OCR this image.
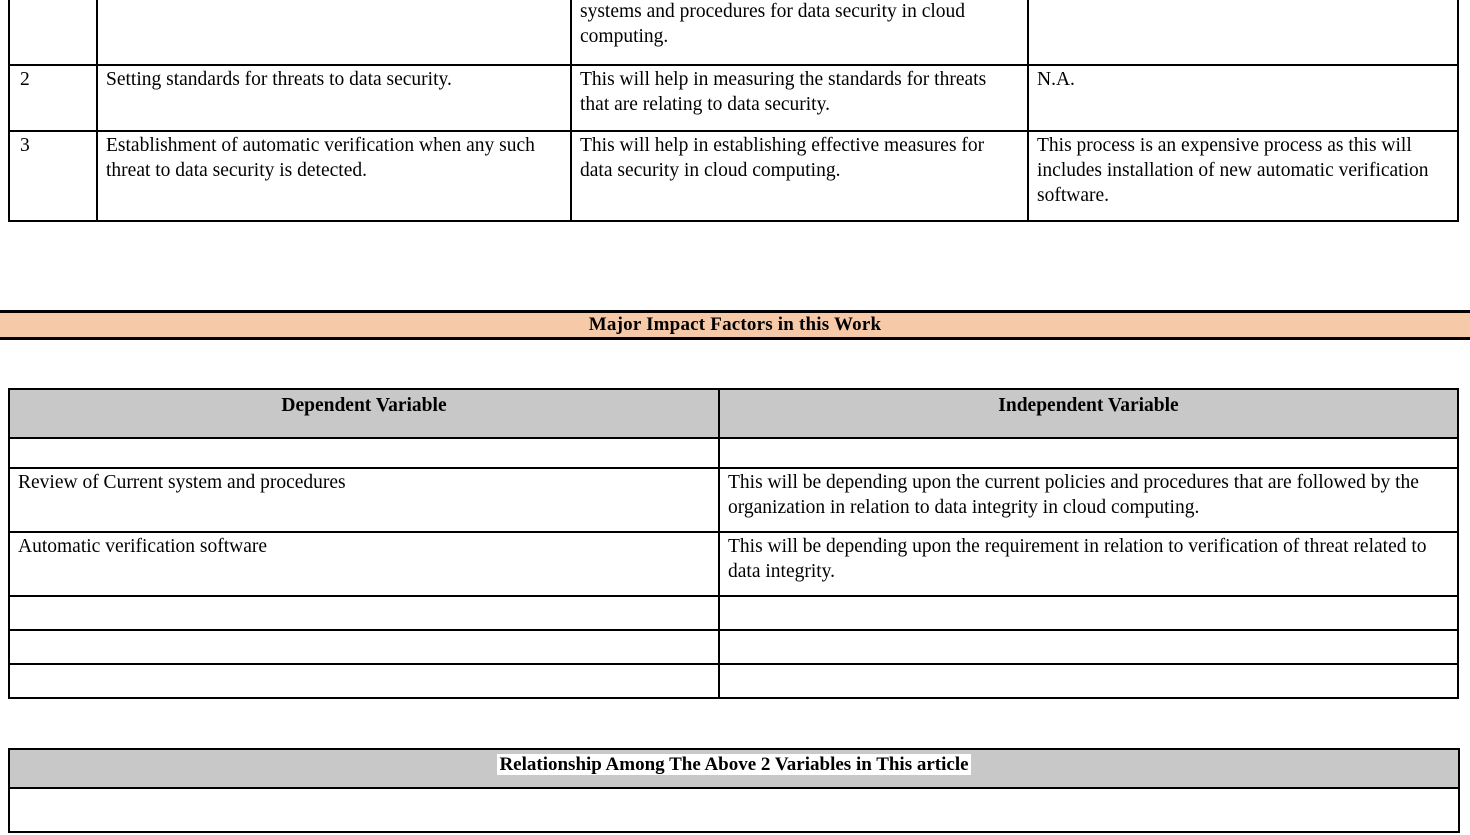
		systems and procedures for data security in cloud computing.	
2	Setting standards for threats to data security.	This will help in measuring the standards for threats that are relating to data security.	N.A.
3	Establishment of automatic verification when any such threat to data security is detected.	This will help in establishing effective measures for data security in cloud computing.	This process is an expensive process as this will includes installation of new automatic verification software.
Major Impact Factors in this Work
Dependent Variable	Independent Variable

Review of Current system and procedures	This will be depending upon the current policies and procedures that are followed by the organization in relation to data integrity in cloud computing.
Automatic verification software	This will be depending upon the requirement in relation to verification of threat related to data integrity.

Relationship Among The Above 2 Variables in This article
